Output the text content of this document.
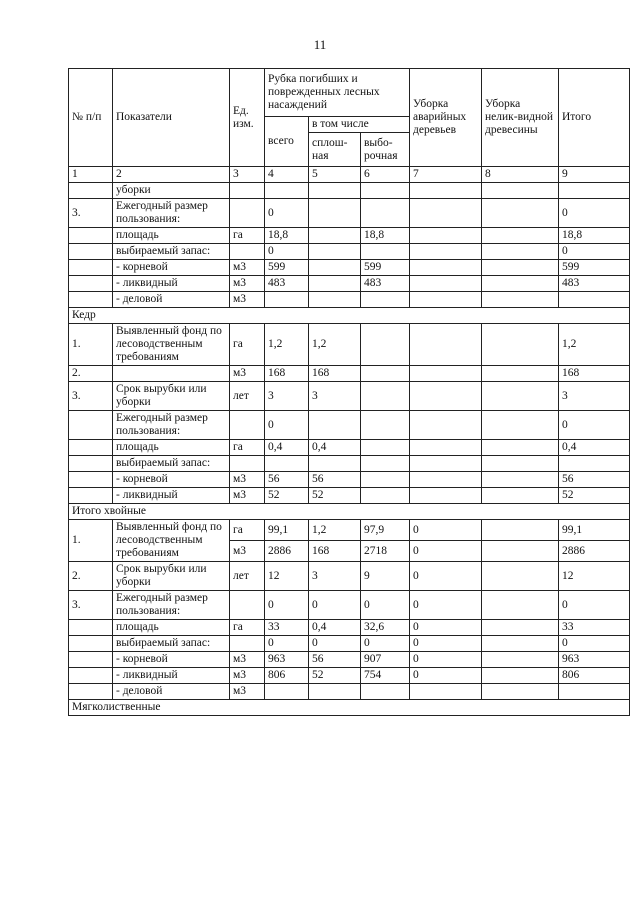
11
№ п/п	Показатели	Ед. изм.	Рубка погибших и поврежденных лесных насаждений			Уборка аварийных деревьев	Уборка нелик-видной древесины	Итого
			всего	в том числе				
				сплош-ная	выбо-рочная			
1	2	3	4	5	6	7	8	9
	уборки							
3.	Ежегодный размер пользования:		0					0
	площадь	га	18,8		18,8			18,8
	выбираемый запас:		0					0
	- корневой	м3	599		599			599
	- ликвидный	м3	483		483			483
	- деловой	м3						
Кедр								
1.	Выявленный фонд по лесоводственным требованиям	га	1,2	1,2				1,2
2.		м3	168	168				168
3.	Срок вырубки или уборки	лет	3	3				3
	Ежегодный размер пользования:		0					0
	площадь	га	0,4	0,4				0,4
	выбираемый запас:							
	- корневой	м3	56	56				56
	- ликвидный	м3	52	52				52
Итого хвойные								
1.	Выявленный фонд по лесоводственным требованиям	га	99,1	1,2	97,9	0		99,1
		м3	2886	168	2718	0		2886
2.	Срок вырубки или уборки	лет	12	3	9	0		12
3.	Ежегодный размер пользования:		0	0	0	0		0
	площадь	га	33	0,4	32,6	0		33
	выбираемый запас:		0	0	0	0		0
	- корневой	м3	963	56	907	0		963
	- ликвидный	м3	806	52	754	0		806
	- деловой	м3						
Мягколиственные								
